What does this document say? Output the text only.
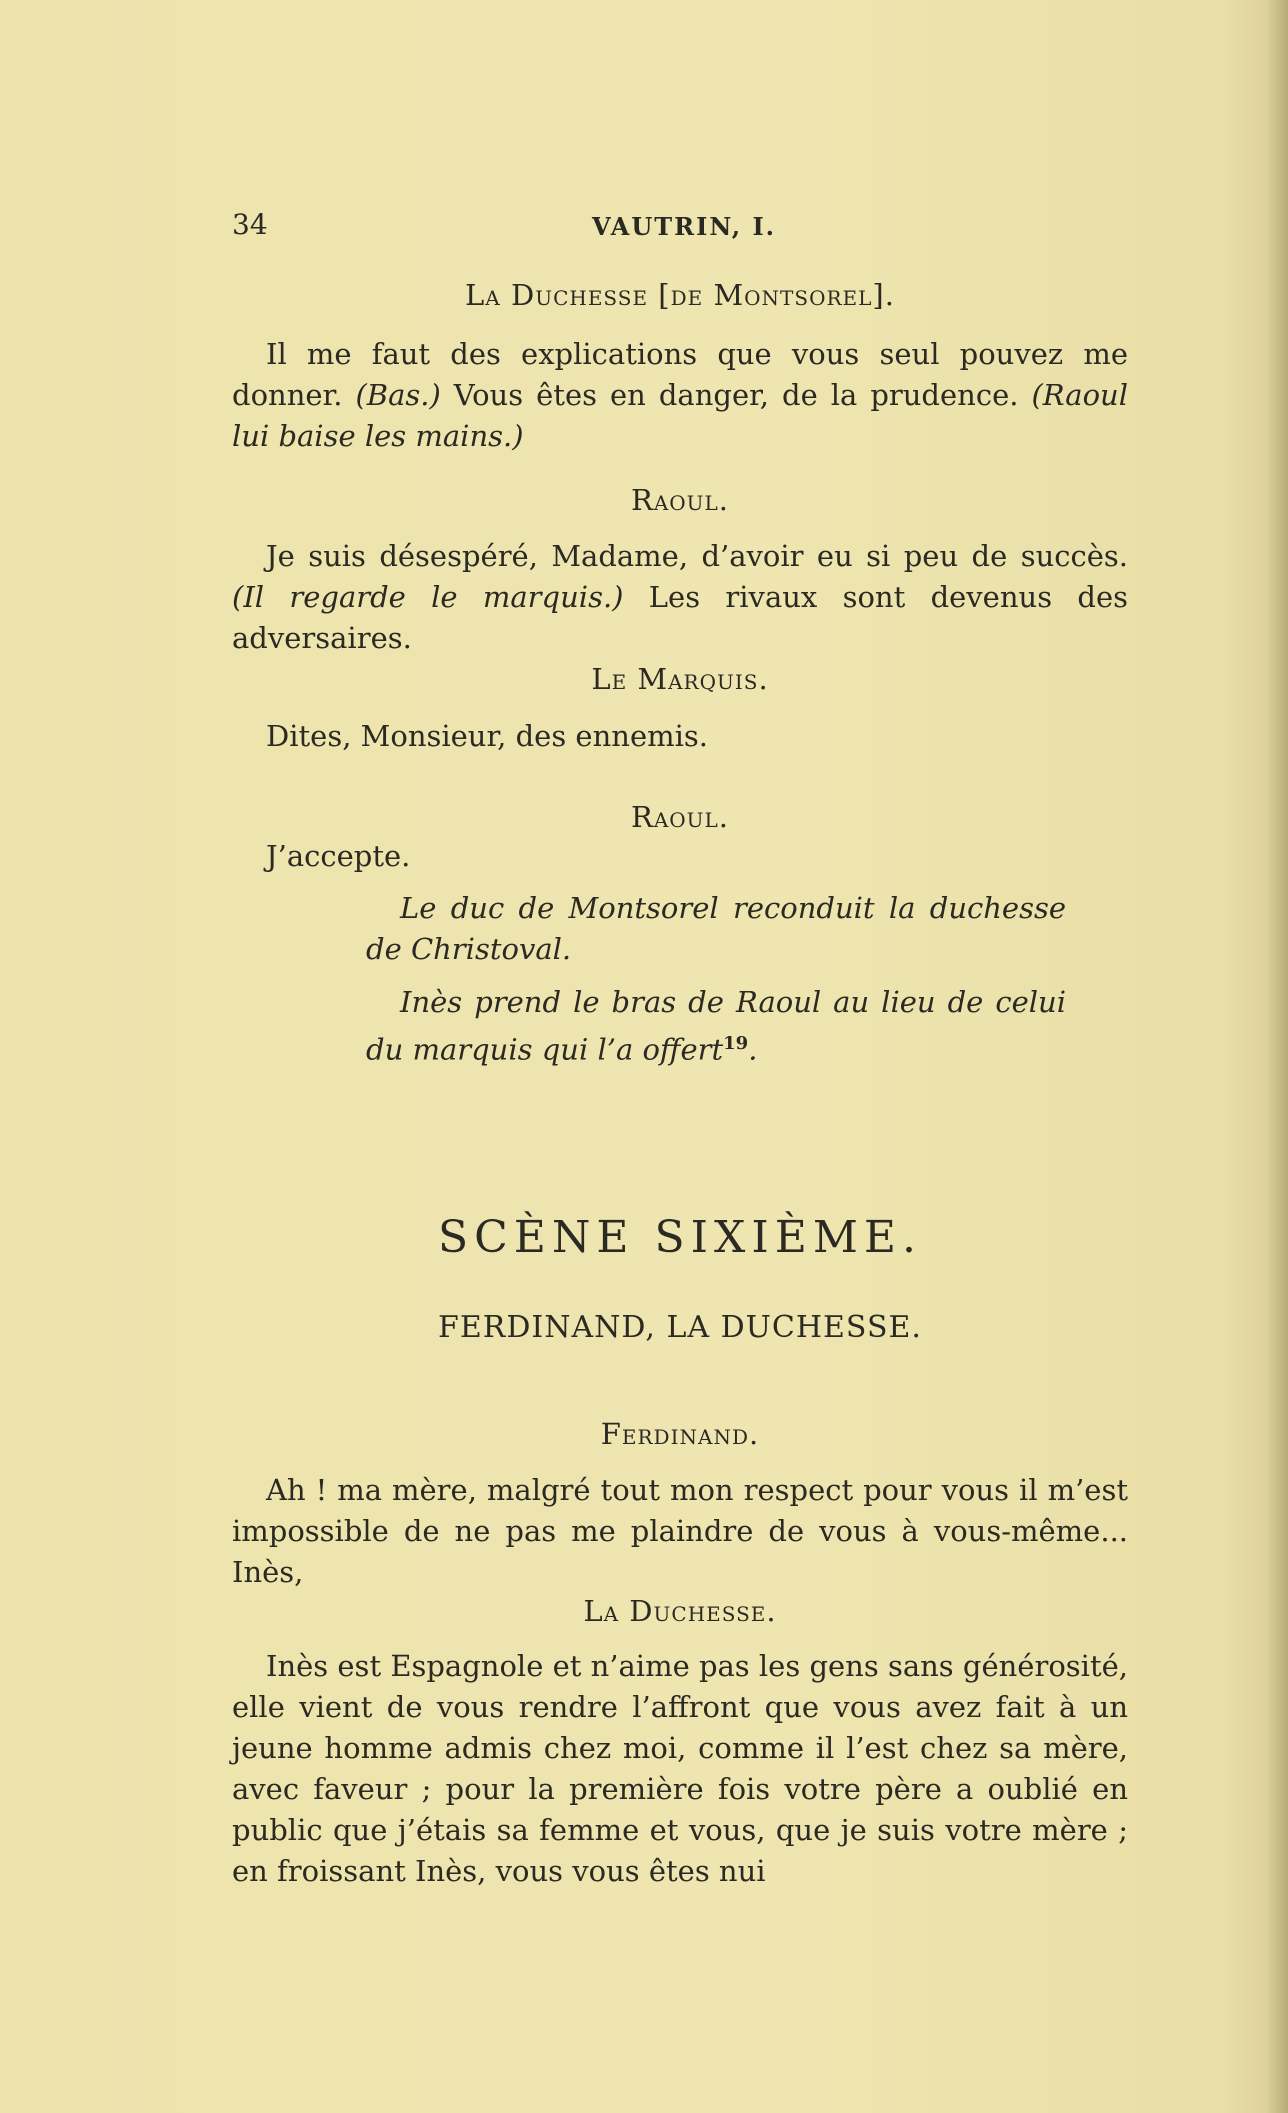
34	VAUTRIN, I.
La Duchesse [de Montsorel].
Il me faut des explications que vous seul pouvez me donner. (Bas.) Vous êtes en danger, de la prudence. (Raoul lui baise les mains.)
Raoul.
Je suis désespéré, Madame, d’avoir eu si peu de succès. (Il regarde le marquis.) Les rivaux sont devenus des adversaires.
Le Marquis.
Dites, Monsieur, des ennemis.
Raoul.
J’accepte.
Le duc de Montsorel reconduit la duchesse de Christoval.
Inès prend le bras de Raoul au lieu de celui du marquis qui l’a offert$^{19}$.
SCÈNE SIXIÈME.
FERDINAND, LA DUCHESSE.
Ferdinand.
Ah ! ma mère, malgré tout mon respect pour vous il m’est impossible de ne pas me plaindre de vous à vous-même... Inès,
La Duchesse.
Inès est Espagnole et n’aime pas les gens sans générosité, elle vient de vous rendre l’affront que vous avez fait à un jeune homme admis chez moi, comme il l’est chez sa mère, avec faveur ; pour la première fois votre père a oublié en public que j’étais sa femme et vous, que je suis votre mère ; en froissant Inès, vous vous êtes nui
